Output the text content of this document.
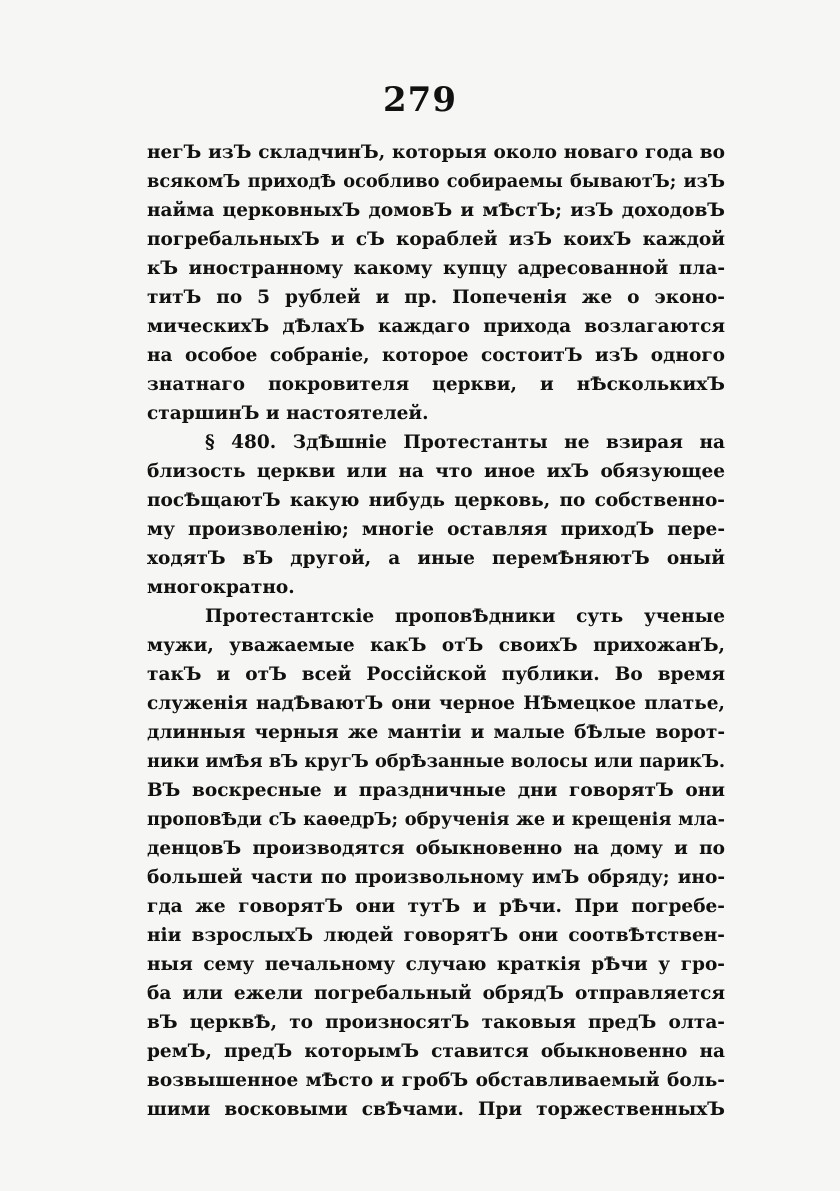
279
негЪ изЪ складчинЪ, которыя около новаго года во
всякомЪ приходѢ особливо собираемы бываютЪ; изЪ
найма церковныхЪ домовЪ и мѢстЪ; изЪ доходовЪ
погребальныхЪ и сЪ кораблей изЪ коихЪ каждой
кЪ иностранному какому купцу адресованной пла-
титЪ по 5 рублей и пр. Попеченія же о эконо-
мическихЪ дѢлахЪ каждаго прихода возлагаются
на особое собраніе, которое состоитЪ изЪ одного
знатнаго покровителя церкви, и нѢсколькихЪ
старшинЪ и настоятелей.
§ 480. ЗдѢшніе Протестанты не взирая на
близость церкви или на что иное ихЪ обязующее
посѢщаютЪ какую нибудь церковь, по собственно-
му произволенію; многіе оставляя приходЪ пере-
ходятЪ вЪ другой, а иные перемѢняютЪ оный
многократно.
Протестантскіе проповѢдники суть ученые
мужи, уважаемые какЪ отЪ своихЪ прихожанЪ,
такЪ и отЪ всей Россійской публики. Во время
служенія надѢваютЪ они черное НѢмецкое платье,
длинныя черныя же мантіи и малые бѢлые ворот-
ники имѢя вЪ кругЪ обрѢзанные волосы или парикЪ.
ВЪ воскресные и праздничные дни говорятЪ они
проповѢди сЪ каѳедрЪ; обрученія же и крещенія мла-
денцовЪ производятся обыкновенно на дому и по
большей части по произвольному имЪ обряду; ино-
гда же говорятЪ они тутЪ и рѢчи. При погребе-
ніи взрослыхЪ людей говорятЪ они соотвѢтствен-
ныя сему печальному случаю краткія рѢчи у гро-
ба или ежели погребальный обрядЪ отправляется
вЪ церквѢ, то произносятЪ таковыя предЪ олта-
ремЪ, предЪ которымЪ ставится обыкновенно на
возвышенное мѢсто и гробЪ обставливаемый боль-
шими восковыми свѢчами. При торжественныхЪ
